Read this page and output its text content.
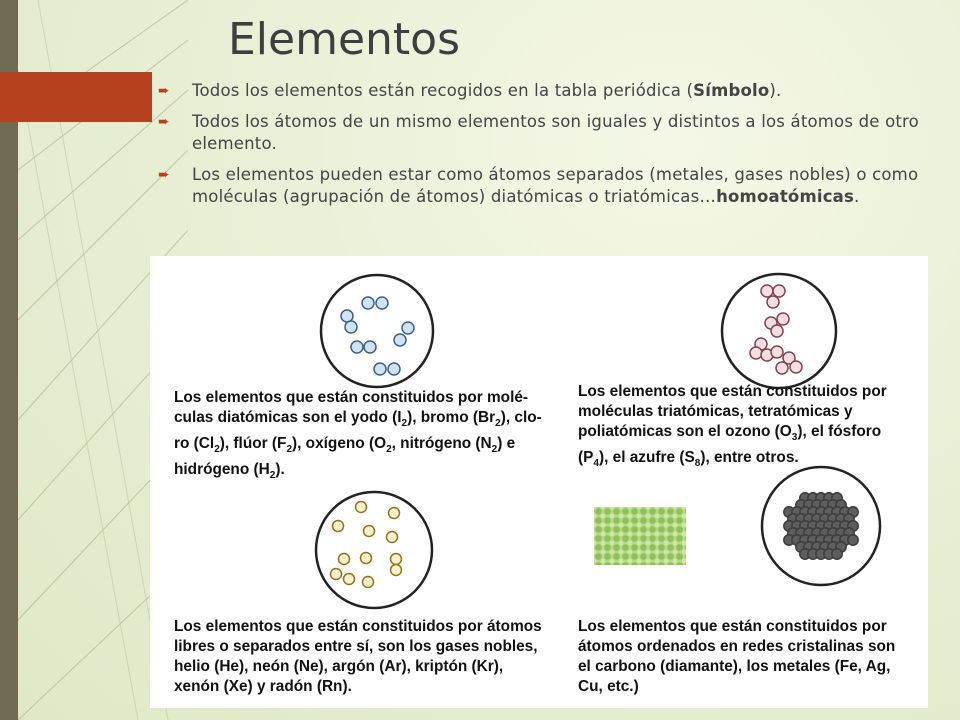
Elementos
➨ Todos los elementos están recogidos en la tabla periódica (Símbolo).
➨ Todos los átomos de un mismo elementos son iguales y distintos a los átomos de otro elemento.
➨ Los elementos pueden estar como átomos separados (metales, gases nobles) o como moléculas (agrupación de átomos) diatómicas o triatómicas…homoatómicas.
Los elementos que están constituidos por molé-
culas diatómicas son el yodo $(I_2)$, bromo $(Br_2)$, clo-
ro $(Cl_2)$, flúor $(F_2)$, oxígeno ($O_2$, nitrógeno $(N_2)$ e
hidrógeno $(H_2)$.
Los elementos que están constituidos por
moléculas triatómicas, tetratómicas y
poliatómicas son el ozono $(O_3)$, el fósforo
$(P_4)$, el azufre $(S_8)$, entre otros.
Los elementos que están constituidos por átomos
libres o separados entre sí, son los gases nobles,
helio (He), neón (Ne), argón (Ar), kriptón (Kr),
xenón (Xe) y radón (Rn).
Los elementos que están constituidos por
átomos ordenados en redes cristalinas son
el carbono (diamante), los metales (Fe, Ag,
Cu, etc.)
